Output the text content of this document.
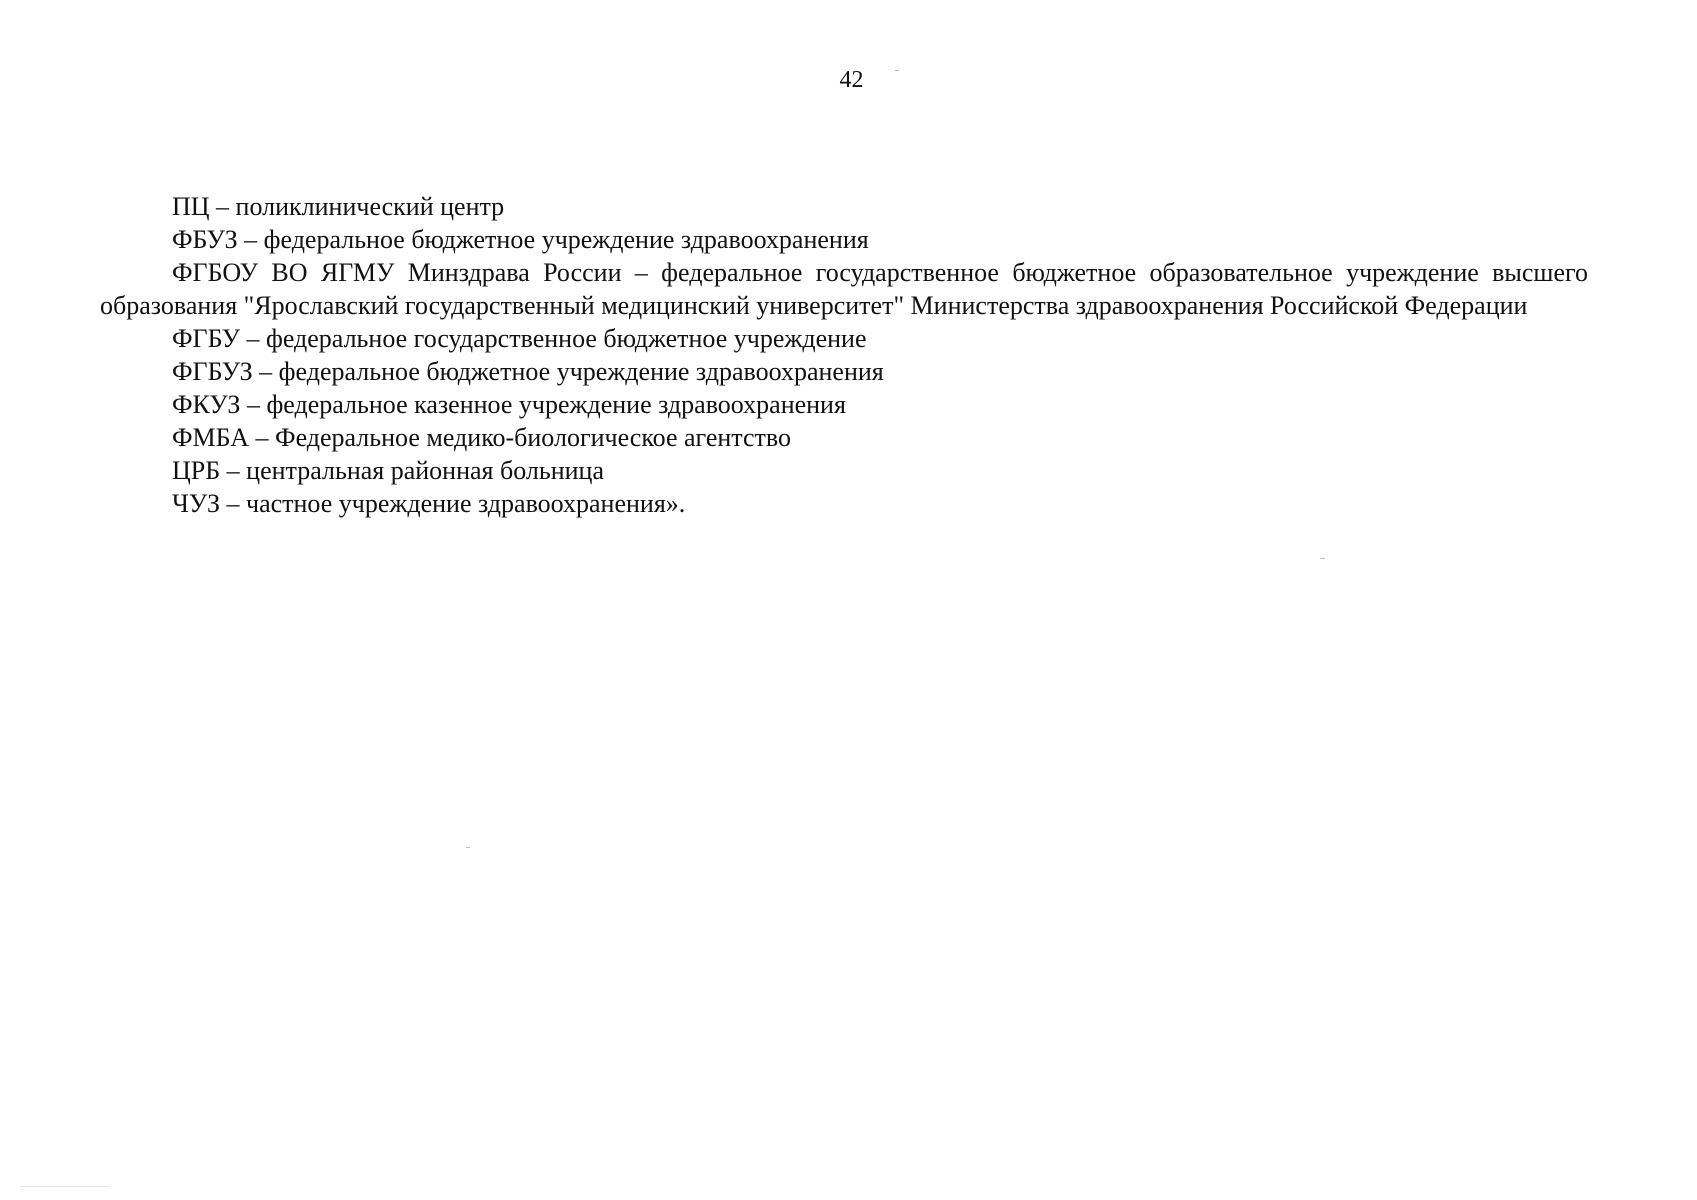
42

ПЦ – поликлинический центр

ФБУЗ – федеральное бюджетное учреждение здравоохранения

ФГБОУ ВО ЯГМУ Минздрава России – федеральное государственное бюджетное образовательное учреждение высшего образования "Ярославский государственный медицинский университет" Министерства здравоохранения Российской Федерации

ФГБУ – федеральное государственное бюджетное учреждение

ФГБУЗ – федеральное бюджетное учреждение здравоохранения

ФКУЗ – федеральное казенное учреждение здравоохранения

ФМБА – Федеральное медико-биологическое агентство

ЦРБ – центральная районная больница

ЧУЗ – частное учреждение здравоохранения».
